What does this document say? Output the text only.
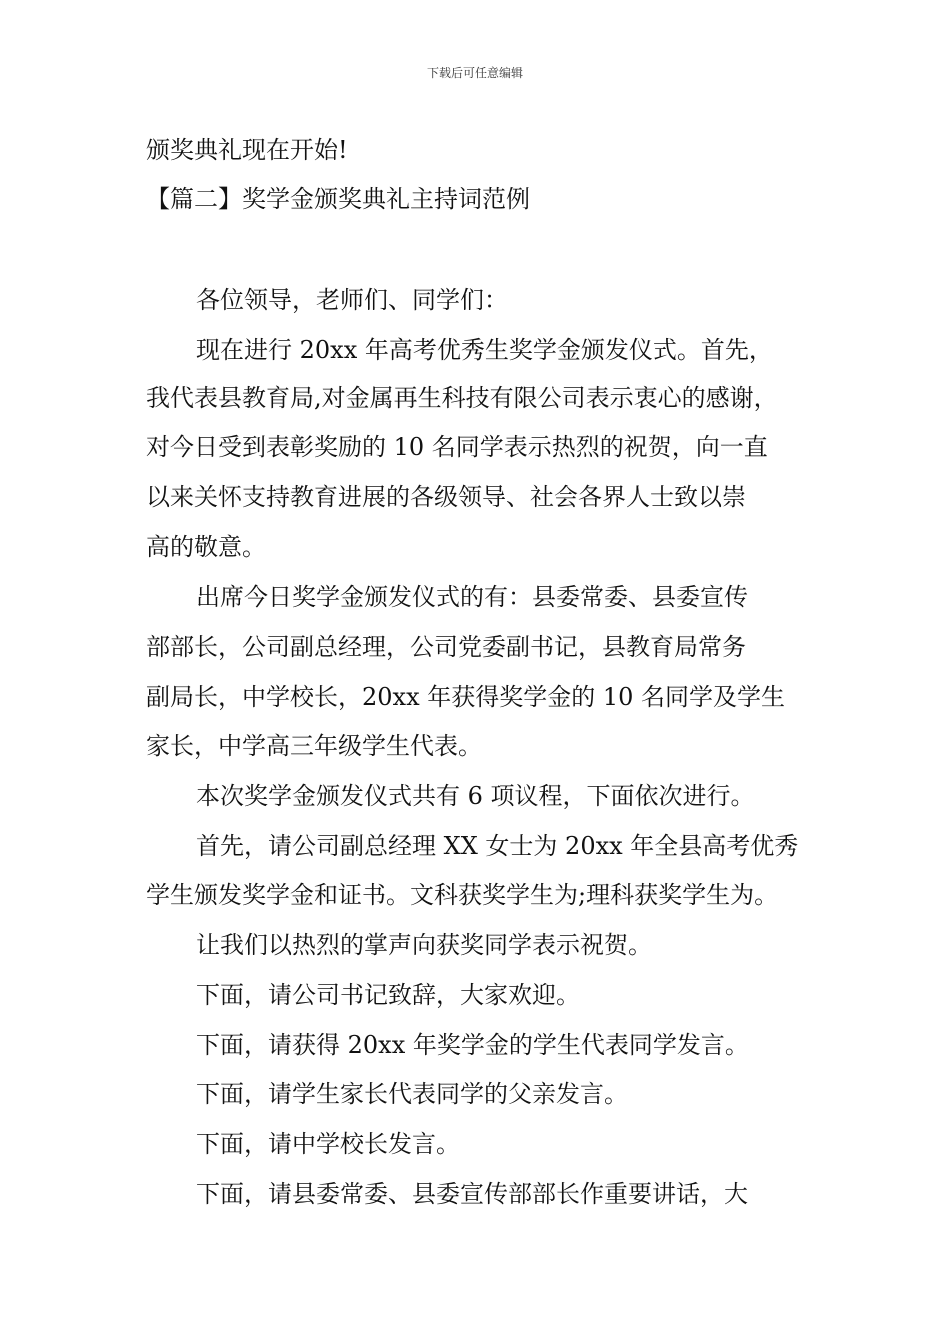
下载后可任意编辑
颁奖典礼现在开始!
【篇二】奖学金颁奖典礼主持词范例
各位领导，老师们、同学们：
现在进行 20xx 年高考优秀生奖学金颁发仪式。首先，
我代表县教育局,对金属再生科技有限公司表示衷心的感谢，
对今日受到表彰奖励的 10 名同学表示热烈的祝贺，向一直
以来关怀支持教育进展的各级领导、社会各界人士致以崇
高的敬意。
出席今日奖学金颁发仪式的有：县委常委、县委宣传
部部长，公司副总经理，公司党委副书记，县教育局常务
副局长，中学校长，20xx 年获得奖学金的 10 名同学及学生
家长，中学高三年级学生代表。
本次奖学金颁发仪式共有 6 项议程，下面依次进行。
首先，请公司副总经理 XX 女士为 20xx 年全县高考优秀
学生颁发奖学金和证书。文科获奖学生为;理科获奖学生为。
让我们以热烈的掌声向获奖同学表示祝贺。
下面，请公司书记致辞，大家欢迎。
下面，请获得 20xx 年奖学金的学生代表同学发言。
下面，请学生家长代表同学的父亲发言。
下面，请中学校长发言。
下面，请县委常委、县委宣传部部长作重要讲话，大
